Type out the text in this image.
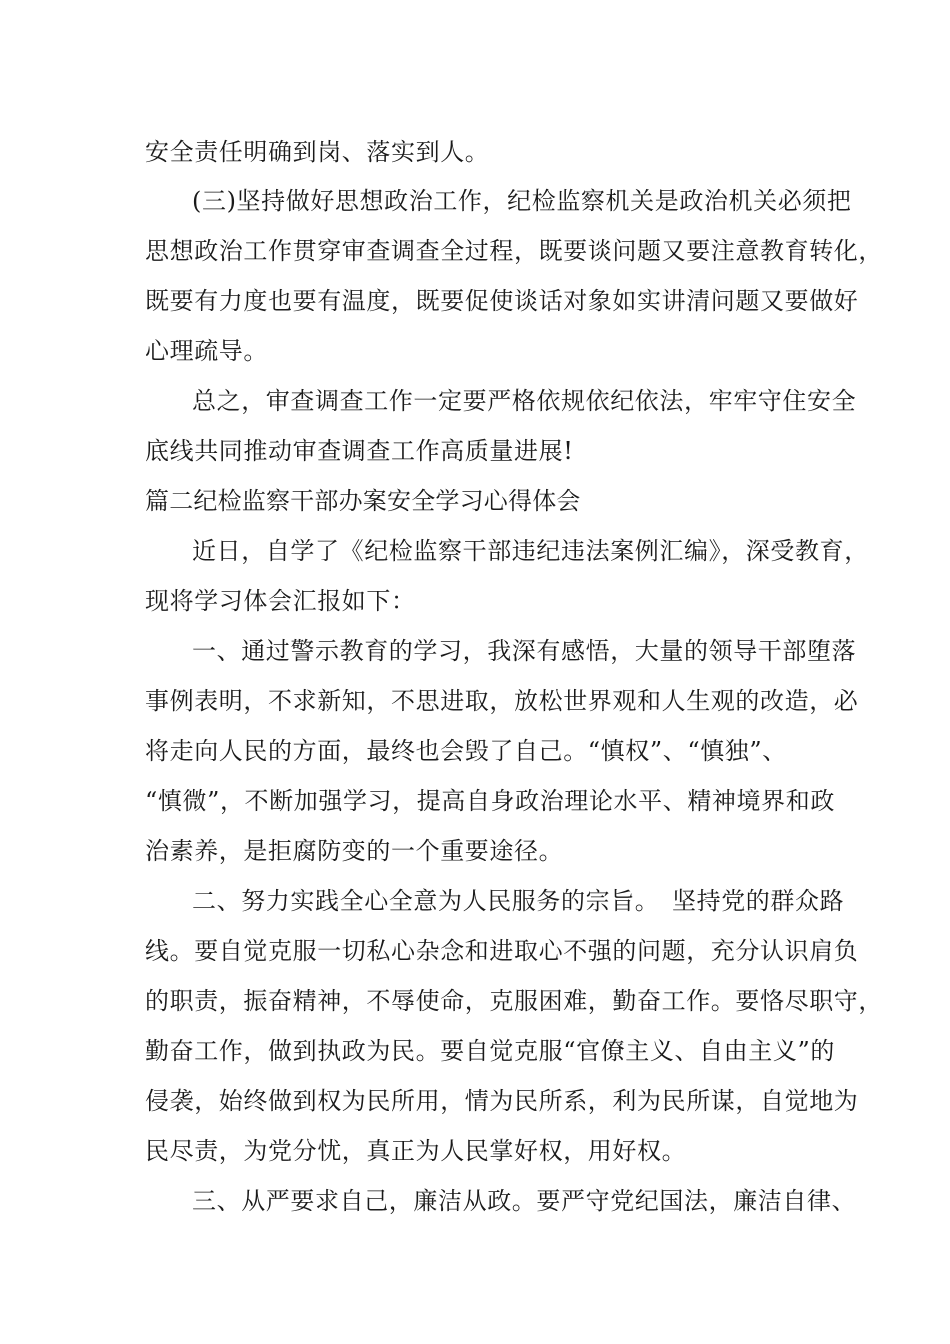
安全责任明确到岗、落实到人。

(三)坚持做好思想政治工作，纪检监察机关是政治机关必须把

思想政治工作贯穿审查调查全过程，既要谈问题又要注意教育转化，

既要有力度也要有温度，既要促使谈话对象如实讲清问题又要做好

心理疏导。

总之，审查调查工作一定要严格依规依纪依法，牢牢守住安全

底线共同推动审查调查工作高质量进展!

篇二纪检监察干部办案安全学习心得体会

近日，自学了《纪检监察干部违纪违法案例汇编》，深受教育，

现将学习体会汇报如下：

一、通过警示教育的学习，我深有感悟，大量的领导干部堕落

事例表明，不求新知，不思进取，放松世界观和人生观的改造，必

将走向人民的方面，最终也会毁了自己。“慎权”、“慎独”、

“慎微”，不断加强学习，提高自身政治理论水平、精神境界和政

治素养，是拒腐防变的一个重要途径。

二、努力实践全心全意为人民服务的宗旨。　坚持党的群众路

线。要自觉克服一切私心杂念和进取心不强的问题，充分认识肩负

的职责，振奋精神，不辱使命，克服困难，勤奋工作。要恪尽职守，

勤奋工作，做到执政为民。要自觉克服“官僚主义、自由主义”的

侵袭，始终做到权为民所用，情为民所系，利为民所谋，自觉地为

民尽责，为党分忧，真正为人民掌好权，用好权。

三、从严要求自己，廉洁从政。要严守党纪国法，廉洁自律、
